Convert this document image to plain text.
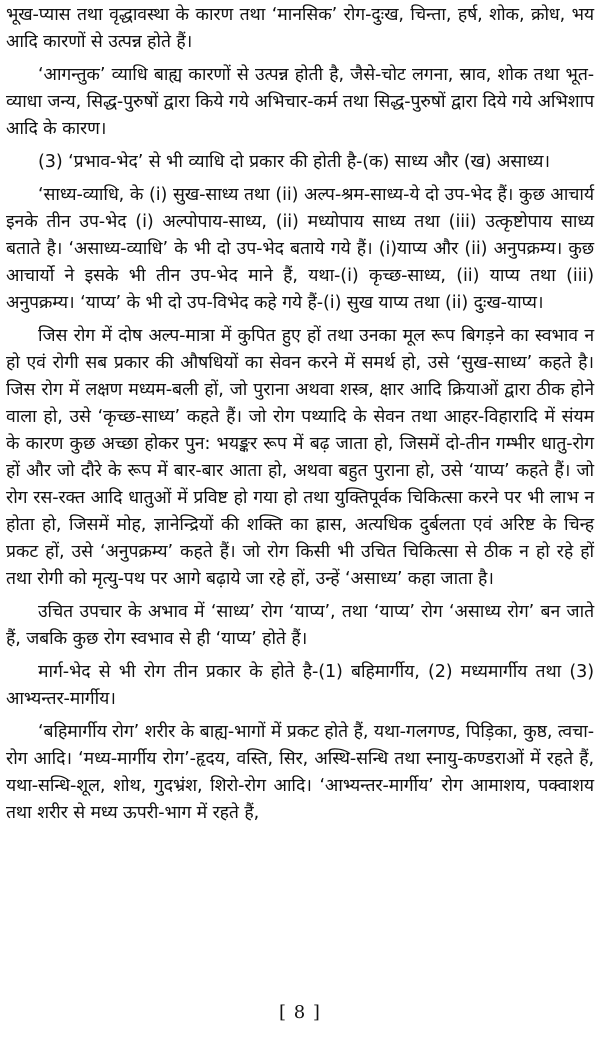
भूख-प्यास तथा वृद्धावस्था के कारण तथा ‘मानसिक’ रोग-दुःख, चिन्ता, हर्ष, शोक, क्रोध, भय आदि कारणों से उत्पन्न होते हैं।

‘आगन्तुक’ व्याधि बाह्य कारणों से उत्पन्न होती है, जैसे-चोट लगना, स्राव, शोक तथा भूत-व्याधा जन्य, सिद्ध-पुरुषों द्वारा किये गये अभिचार-कर्म तथा सिद्ध-पुरुषों द्वारा दिये गये अभिशाप आदि के कारण।

(3) ‘प्रभाव-भेद’ से भी व्याधि दो प्रकार की होती है-(क) साध्य और (ख) असाध्य।

‘साध्य-व्याधि, के (i) सुख-साध्य तथा (ii) अल्प-श्रम-साध्य-ये दो उप-भेद हैं। कुछ आचार्य इनके तीन उप-भेद (i) अल्पोपाय-साध्य, (ii) मध्योपाय साध्य तथा (iii) उत्कृष्टोपाय साध्य बताते है। ‘असाध्य-व्याधि’ के भी दो उप-भेद बताये गये हैं। (i)याप्य और (ii) अनुपक्रम्य। कुछ आचार्यो ने इसके भी तीन उप-भेद माने हैं, यथा-(i) कृच्छ-साध्य, (ii) याप्य तथा (iii) अनुपक्रम्य। ‘याप्य’ के भी दो उप-विभेद कहे गये हैं-(i) सुख याप्य तथा (ii) दुःख-याप्य।

जिस रोग में दोष अल्प-मात्रा में कुपित हुए हों तथा उनका मूल रूप बिगड़ने का स्वभाव न हो एवं रोगी सब प्रकार की औषधियों का सेवन करने में समर्थ हो, उसे ‘सुख-साध्य’ कहते है। जिस रोग में लक्षण मध्यम-बली हों, जो पुराना अथवा शस्त्र, क्षार आदि क्रियाओं द्वारा ठीक होने वाला हो, उसे ‘कृच्छ-साध्य’ कहते हैं। जो रोग पथ्यादि के सेवन तथा आहर-विहारादि में संयम के कारण कुछ अच्छा होकर पुन: भयङ्कर रूप में बढ़ जाता हो, जिसमें दो-तीन गम्भीर धातु-रोग हों और जो दौरे के रूप में बार-बार आता हो, अथवा बहुत पुराना हो, उसे ‘याप्य’ कहते हैं। जो रोग रस-रक्त आदि धातुओं में प्रविष्ट हो गया हो तथा युक्तिपूर्वक चिकित्सा करने पर भी लाभ न होता हो, जिसमें मोह, ज्ञानेन्द्रियों की शक्ति का ह्रास, अत्यधिक दुर्बलता एवं अरिष्ट के चिन्ह प्रकट हों, उसे ‘अनुपक्रम्य’ कहते हैं। जो रोग किसी भी उचित चिकित्सा से ठीक न हो रहे हों तथा रोगी को मृत्यु-पथ पर आगे बढ़ाये जा रहे हों, उन्हें ‘असाध्य’ कहा जाता है।

उचित उपचार के अभाव में ‘साध्य’ रोग ‘याप्य’, तथा ‘याप्य’ रोग ‘असाध्य रोग’ बन जाते हैं, जबकि कुछ रोग स्वभाव से ही ‘याप्य’ होते हैं।

मार्ग-भेद से भी रोग तीन प्रकार के होते है-(1) बहिमार्गीय, (2) मध्यमार्गीय तथा (3) आभ्यन्तर-मार्गीय।

‘बहिमार्गीय रोग’ शरीर के बाह्य-भागों में प्रकट होते हैं, यथा-गलगण्ड, पिड़िका, कुष्ठ, त्वचा-रोग आदि। ‘मध्य-मार्गीय रोग’-हृदय, वस्ति, सिर, अस्थि-सन्धि तथा स्नायु-कण्डराओं में रहते हैं, यथा-सन्धि-शूल, शोथ, गुदभ्रंश, शिरो-रोग आदि। ‘आभ्यन्तर-मार्गीय’ रोग आमाशय, पक्वाशय तथा शरीर से मध्य ऊपरी-भाग में रहते हैं,

[ 8 ]
